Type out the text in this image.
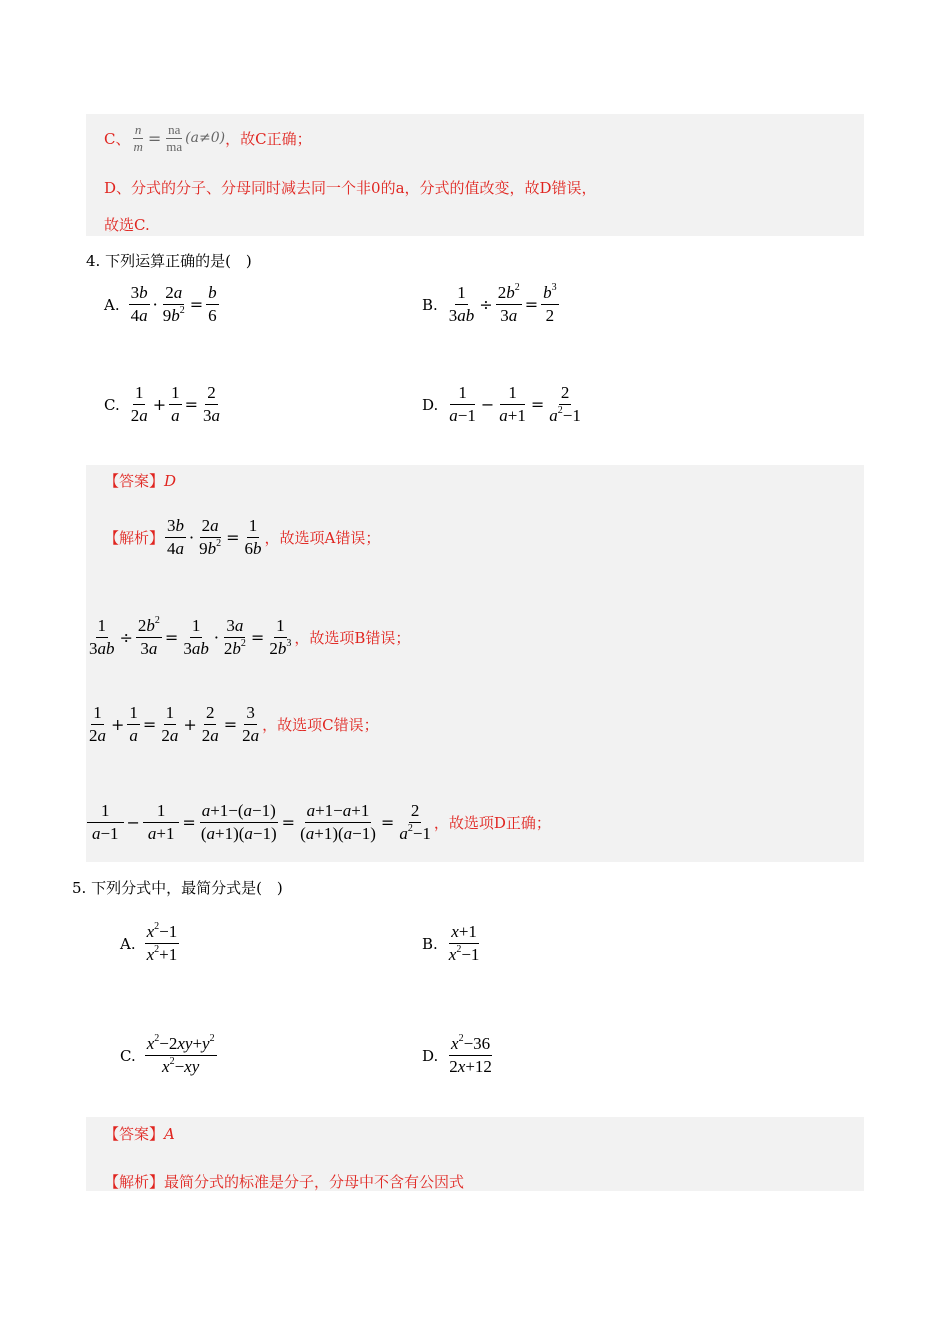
C、 $\frac{n}{m} = \frac{na}{ma} (a\ne 0)$ ，故C正确；
D、分式的分子、分母同时减去同一个非0的a，分式的值改变，故D错误，
故选C.
4. 下列运算正确的是(　)
A. $\frac{3b}{4a} \cdot \frac{2a}{9b^2} = \frac{b}{6}$	B. $\frac{1}{3ab} \div \frac{2b^2}{3a} = \frac{b^3}{2}$
C. $\frac{1}{2a} + \frac{1}{a} = \frac{2}{3a}$	D. $\frac{1}{a-1} - \frac{1}{a+1} = \frac{2}{a^2-1}$
【答案】D
【解析】 $\frac{3b}{4a} \cdot \frac{2a}{9b^2} = \frac{1}{6b}$ ，故选项A错误；
$\frac{1}{3ab} \div \frac{2b^2}{3a} = \frac{1}{3ab} \cdot \frac{3a}{2b^2} = \frac{1}{2b^3}$ ，故选项B错误；
$\frac{1}{2a} + \frac{1}{a} = \frac{1}{2a} + \frac{2}{2a} = \frac{3}{2a}$ ，故选项C错误；
$\frac{1}{a-1} - \frac{1}{a+1} = \frac{a+1-(a-1)}{(a+1)(a-1)} = \frac{a+1-a+1}{(a+1)(a-1)} = \frac{2}{a^2-1}$ ，故选项D正确；
5. 下列分式中，最简分式是(　)
A. $\frac{x^2-1}{x^2+1}$	B. $\frac{x+1}{x^2-1}$
C. $\frac{x^2-2xy+y^2}{x^2-xy}$	D. $\frac{x^2-36}{2x+12}$
【答案】A
【解析】最简分式的标准是分子，分母中不含有公因式
